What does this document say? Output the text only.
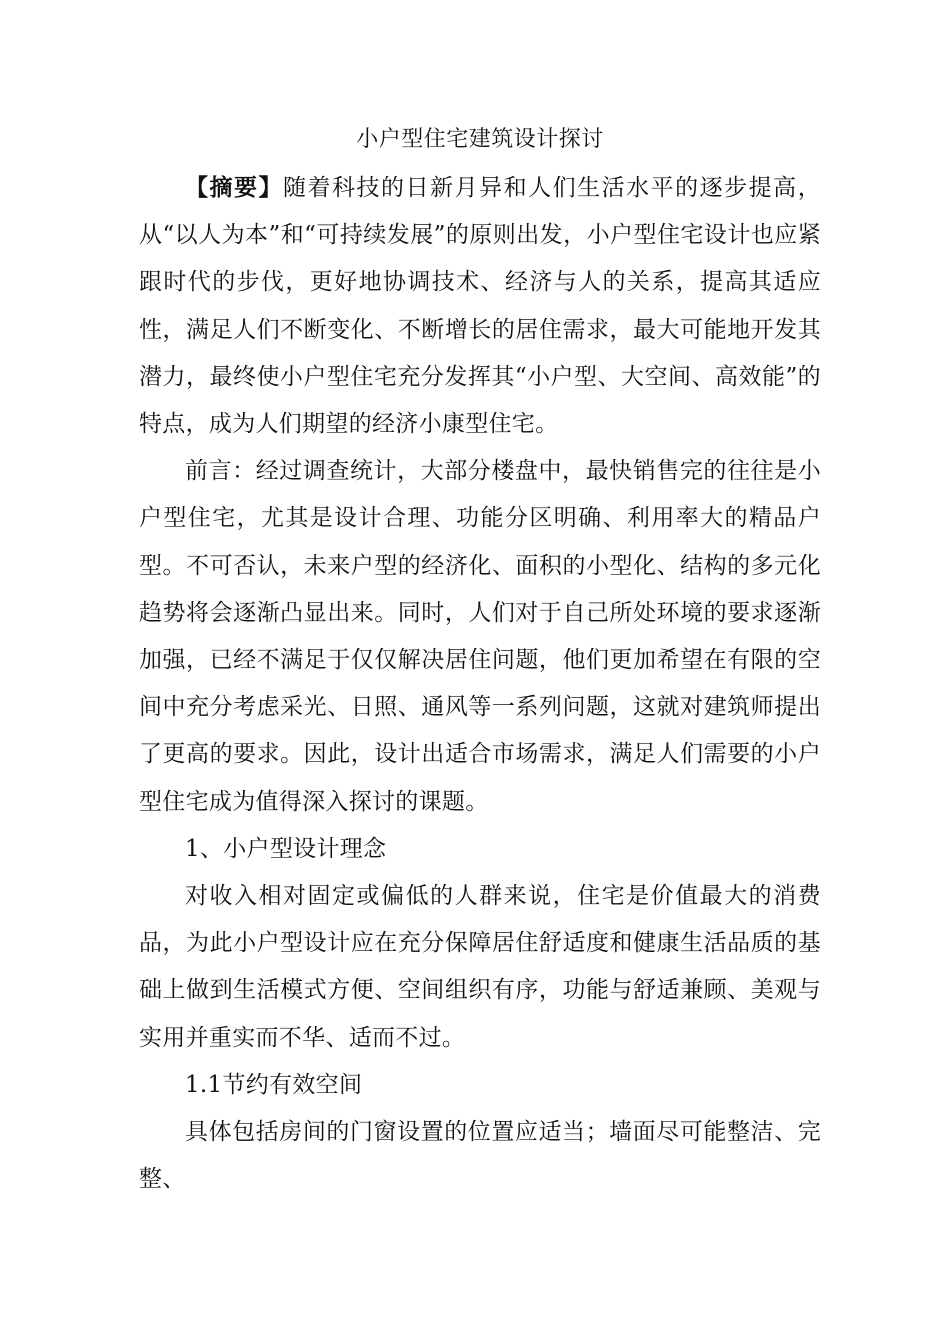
小户型住宅建筑设计探讨

【摘要】随着科技的日新月异和人们生活水平的逐步提高，从“以人为本”和“可持续发展”的原则出发，小户型住宅设计也应紧跟时代的步伐，更好地协调技术、经济与人的关系，提高其适应性，满足人们不断变化、不断增长的居住需求，最大可能地开发其潜力，最终使小户型住宅充分发挥其“小户型、大空间、高效能”的特点，成为人们期望的经济小康型住宅。

前言：经过调查统计，大部分楼盘中，最快销售完的往往是小户型住宅，尤其是设计合理、功能分区明确、利用率大的精品户型。不可否认，未来户型的经济化、面积的小型化、结构的多元化趋势将会逐渐凸显出来。同时，人们对于自己所处环境的要求逐渐加强，已经不满足于仅仅解决居住问题，他们更加希望在有限的空间中充分考虑采光、日照、通风等一系列问题，这就对建筑师提出了更高的要求。因此，设计出适合市场需求，满足人们需要的小户型住宅成为值得深入探讨的课题。

1、小户型设计理念

对收入相对固定或偏低的人群来说，住宅是价值最大的消费品，为此小户型设计应在充分保障居住舒适度和健康生活品质的基础上做到生活模式方便、空间组织有序，功能与舒适兼顾、美观与实用并重实而不华、适而不过。

1.1节约有效空间

具体包括房间的门窗设置的位置应适当；墙面尽可能整洁、完整、
